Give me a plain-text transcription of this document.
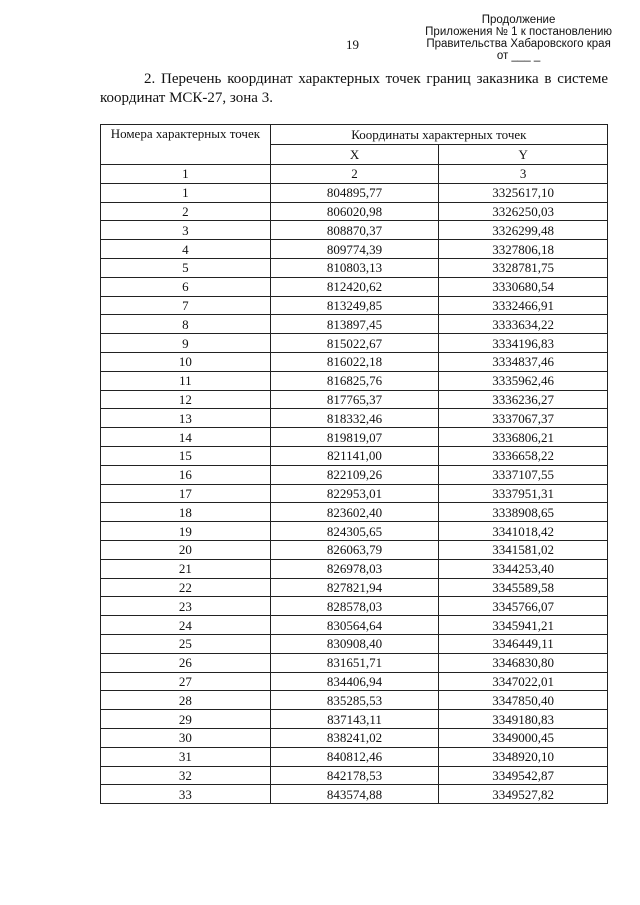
19
Продолжение
Приложения № 1 к постановлению
Правительства Хабаровского края
от ___ _

2. Перечень координат характерных точек границ заказника в системе координат МСК-27, зона 3.

Номера характерных точек	Координаты характерных точек	
	X	Y
1	2	3
1	804895,77	3325617,10
2	806020,98	3326250,03
3	808870,37	3326299,48
4	809774,39	3327806,18
5	810803,13	3328781,75
6	812420,62	3330680,54
7	813249,85	3332466,91
8	813897,45	3333634,22
9	815022,67	3334196,83
10	816022,18	3334837,46
11	816825,76	3335962,46
12	817765,37	3336236,27
13	818332,46	3337067,37
14	819819,07	3336806,21
15	821141,00	3336658,22
16	822109,26	3337107,55
17	822953,01	3337951,31
18	823602,40	3338908,65
19	824305,65	3341018,42
20	826063,79	3341581,02
21	826978,03	3344253,40
22	827821,94	3345589,58
23	828578,03	3345766,07
24	830564,64	3345941,21
25	830908,40	3346449,11
26	831651,71	3346830,80
27	834406,94	3347022,01
28	835285,53	3347850,40
29	837143,11	3349180,83
30	838241,02	3349000,45
31	840812,46	3348920,10
32	842178,53	3349542,87
33	843574,88	3349527,82
